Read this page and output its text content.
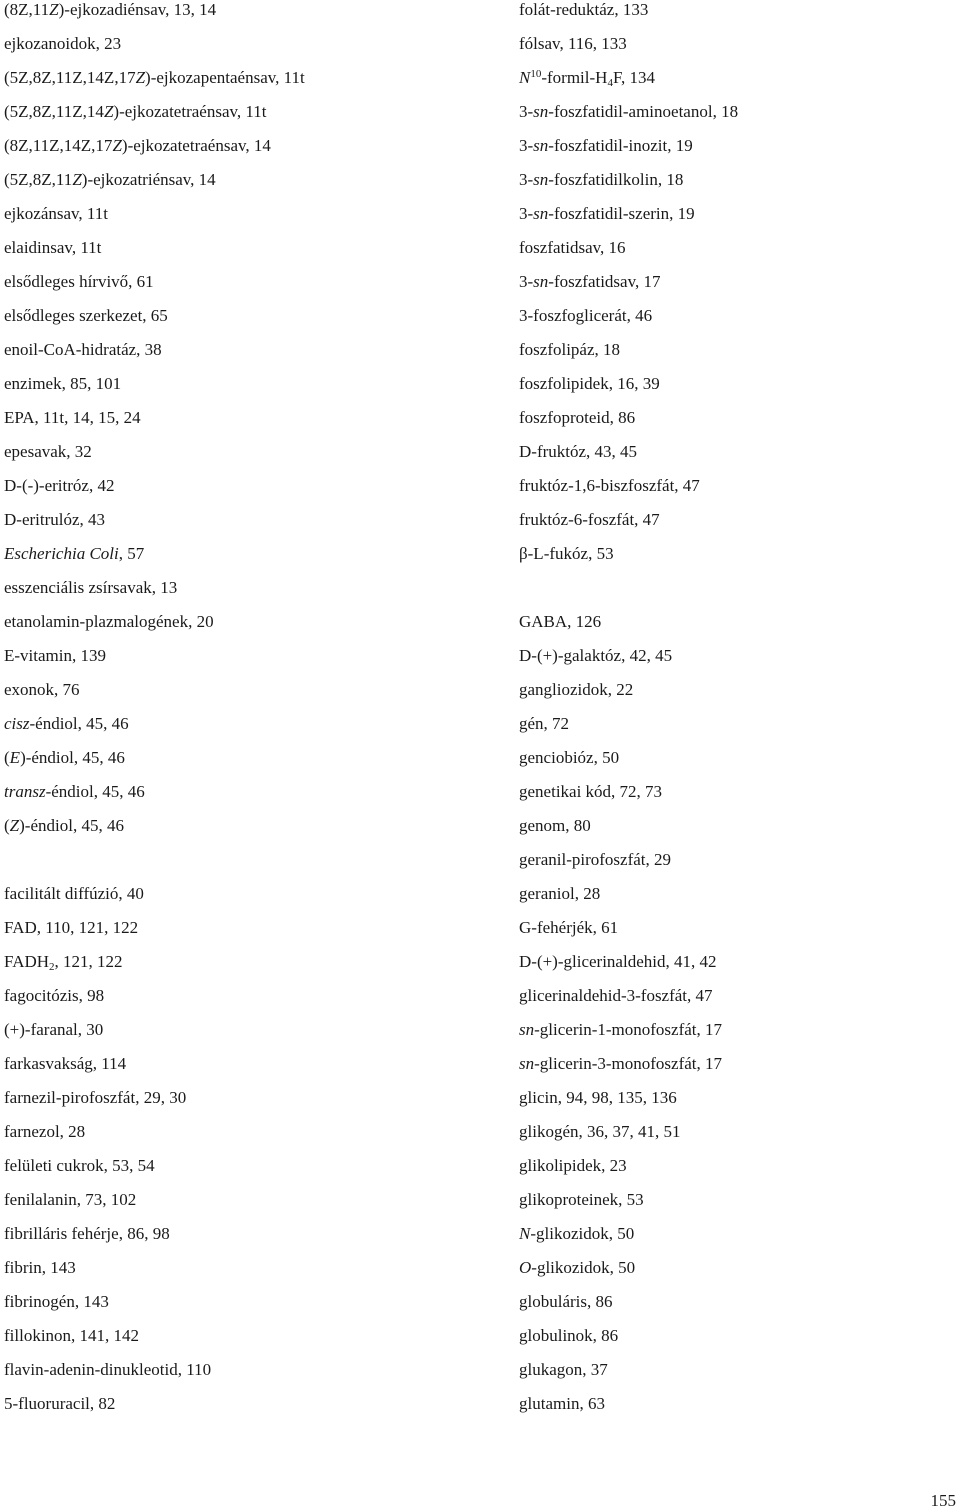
(8Z,11Z)-ejkozadiénsav, 13, 14
ejkozanoidok, 23
(5Z,8Z,11Z,14Z,17Z)-ejkozapentaénsav, 11t
(5Z,8Z,11Z,14Z)-ejkozatetraénsav, 11t
(8Z,11Z,14Z,17Z)-ejkozatetraénsav, 14
(5Z,8Z,11Z)-ejkozatriénsav, 14
ejkozánsav, 11t
elaidinsav, 11t
elsődleges hírvivő, 61
elsődleges szerkezet, 65
enoil-CoA-hidratáz, 38
enzimek, 85, 101
EPA, 11t, 14, 15, 24
epesavak, 32
D-(-)-eritróz, 42
D-eritrulóz, 43
Escherichia Coli, 57
esszenciális zsírsavak, 13
etanolamin-plazmalogének, 20
E-vitamin, 139
exonok, 76
cisz-éndiol, 45, 46
(E)-éndiol, 45, 46
transz-éndiol, 45, 46
(Z)-éndiol, 45, 46
facilitált diffúzió, 40
FAD, 110, 121, 122
$FADH_2$, 121, 122
fagocitózis, 98
(+)-faranal, 30
farkasvakság, 114
farnezil-pirofoszfát, 29, 30
farnezol, 28
felületi cukrok, 53, 54
fenilalanin, 73, 102
fibrilláris fehérje, 86, 98
fibrin, 143
fibrinogén, 143
fillokinon, 141, 142
flavin-adenin-dinukleotid, 110
5-fluoruracil, 82
folát-reduktáz, 133
fólsav, 116, 133
$N^{10}-formil-H_4F$, 134
3-sn-foszfatidil-aminoetanol, 18
3-sn-foszfatidil-inozit, 19
3-sn-foszfatidilkolin, 18
3-sn-foszfatidil-szerin, 19
foszfatidsav, 16
3-sn-foszfatidsav, 17
3-foszfoglicerát, 46
foszfolipáz, 18
foszfolipidek, 16, 39
foszfoproteid, 86
D-fruktóz, 43, 45
fruktóz-1,6-biszfoszfát, 47
fruktóz-6-foszfát, 47
β-L-fukóz, 53
GABA, 126
D-(+)-galaktóz, 42, 45
gangliozidok, 22
gén, 72
genciobióz, 50
genetikai kód, 72, 73
genom, 80
geranil-pirofoszfát, 29
geraniol, 28
G-fehérjék, 61
D-(+)-glicerinaldehid, 41, 42
glicerinaldehid-3-foszfát, 47
sn-glicerin-1-monofoszfát, 17
sn-glicerin-3-monofoszfát, 17
glicin, 94, 98, 135, 136
glikogén, 36, 37, 41, 51
glikolipidek, 23
glikoproteinek, 53
N-glikozidok, 50
O-glikozidok, 50
globuláris, 86
globulinok, 86
glukagon, 37
glutamin, 63
155
